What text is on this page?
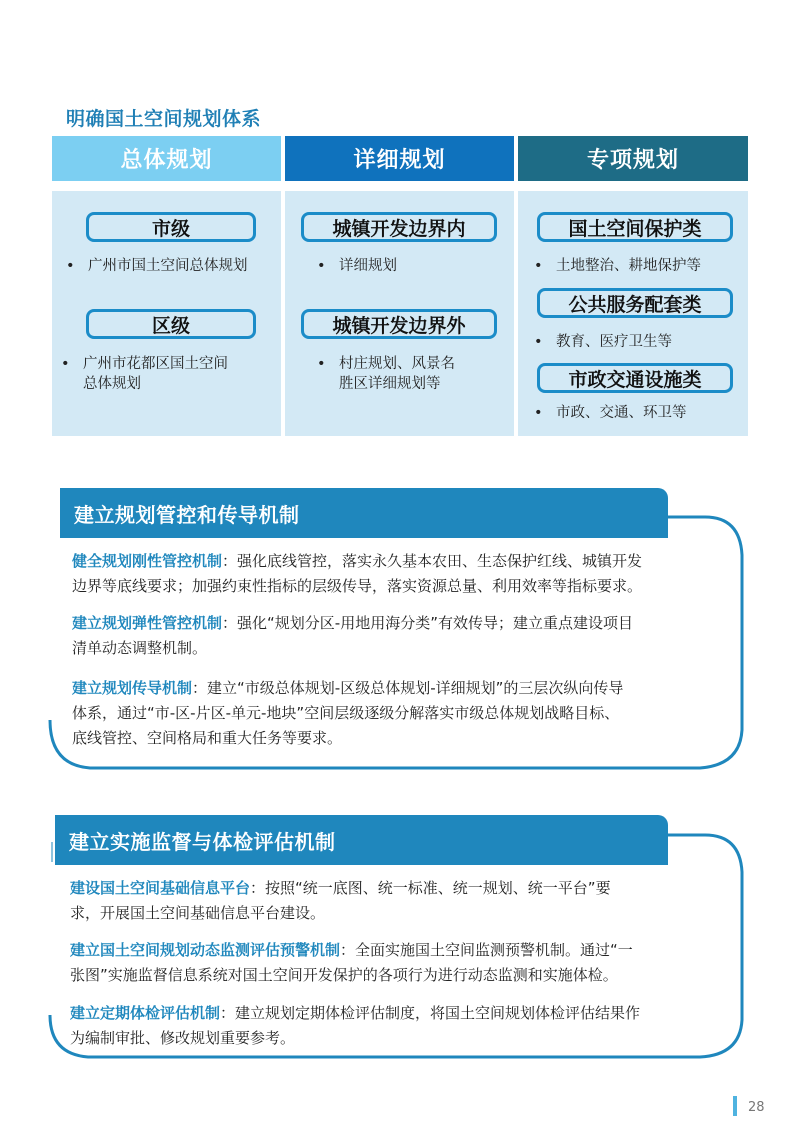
明确国土空间规划体系
总体规划
市级
• 广州市国土空间总体规划
区级
• 广州市花都区国土空间
总体规划
详细规划
城镇开发边界内
• 详细规划
城镇开发边界外
• 村庄规划、风景名
胜区详细规划等
专项规划
国土空间保护类
• 土地整治、耕地保护等
公共服务配套类
• 教育、医疗卫生等
市政交通设施类
• 市政、交通、环卫等
建立规划管控和传导机制
健全规划刚性管控机制：强化底线管控，落实永久基本农田、生态保护红线、城镇开发
边界等底线要求；加强约束性指标的层级传导，落实资源总量、利用效率等指标要求。
建立规划弹性管控机制：强化“规划分区-用地用海分类”有效传导；建立重点建设项目
清单动态调整机制。
建立规划传导机制：建立“市级总体规划-区级总体规划-详细规划”的三层次纵向传导
体系，通过“市-区-片区-单元-地块”空间层级逐级分解落实市级总体规划战略目标、
底线管控、空间格局和重大任务等要求。
建立实施监督与体检评估机制
建设国土空间基础信息平台：按照“统一底图、统一标准、统一规划、统一平台”要
求，开展国土空间基础信息平台建设。
建立国土空间规划动态监测评估预警机制：全面实施国土空间监测预警机制。通过“一
张图”实施监督信息系统对国土空间开发保护的各项行为进行动态监测和实施体检。
建立定期体检评估机制：建立规划定期体检评估制度，将国土空间规划体检评估结果作
为编制审批、修改规划重要参考。
28
